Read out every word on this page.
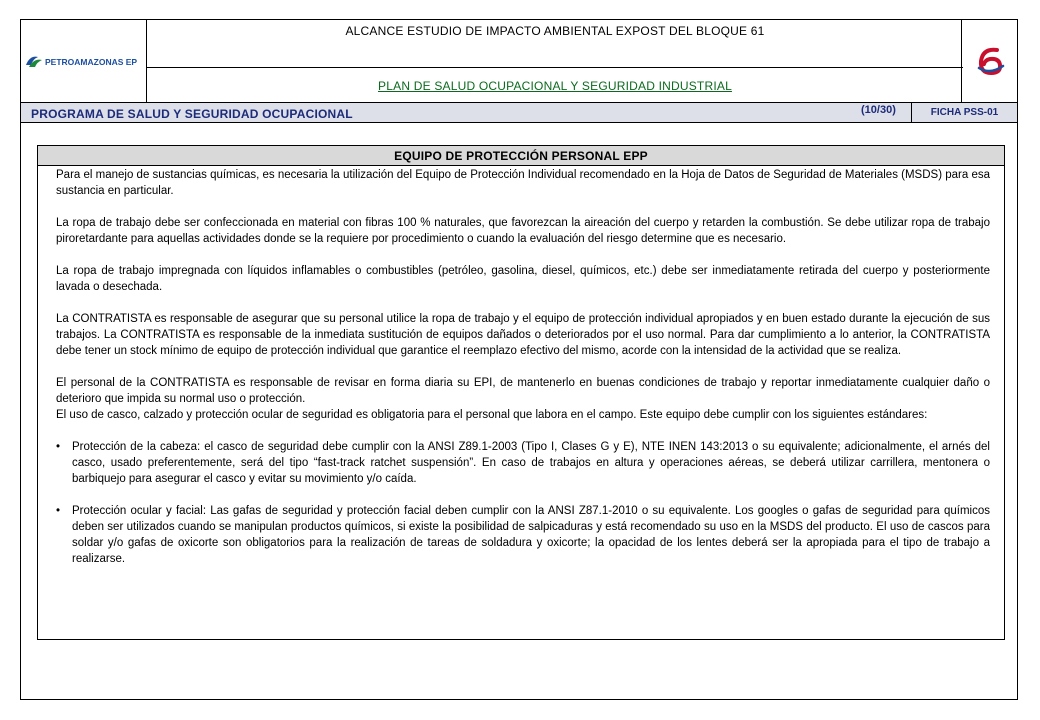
PETROAMAZONAS EP
ALCANCE ESTUDIO DE IMPACTO AMBIENTAL EXPOST DEL BLOQUE 61
PLAN DE SALUD OCUPACIONAL Y SEGURIDAD INDUSTRIAL
6
PROGRAMA DE SALUD Y SEGURIDAD OCUPACIONAL	(10/30)	FICHA PSS-01
EQUIPO DE PROTECCIÓN PERSONAL EPP

Para el manejo de sustancias químicas, es necesaria la utilización del Equipo de Protección Individual recomendado en la Hoja de Datos de Seguridad de Materiales (MSDS) para esa sustancia en particular.

La ropa de trabajo debe ser confeccionada en material con fibras 100 % naturales, que favorezcan la aireación del cuerpo y retarden la combustión. Se debe utilizar ropa de trabajo piroretardante para aquellas actividades donde se la requiere por procedimiento o cuando la evaluación del riesgo determine que es necesario.

La ropa de trabajo impregnada con líquidos inflamables o combustibles (petróleo, gasolina, diesel, químicos, etc.) debe ser inmediatamente retirada del cuerpo y posteriormente lavada o desechada.

La CONTRATISTA es responsable de asegurar que su personal utilice la ropa de trabajo y el equipo de protección individual apropiados y en buen estado durante la ejecución de sus trabajos. La CONTRATISTA es responsable de la inmediata sustitución de equipos dañados o deteriorados por el uso normal. Para dar cumplimiento a lo anterior, la CONTRATISTA debe tener un stock mínimo de equipo de protección individual que garantice el reemplazo efectivo del mismo, acorde con la intensidad de la actividad que se realiza.

El personal de la CONTRATISTA es responsable de revisar en forma diaria su EPI, de mantenerlo en buenas condiciones de trabajo y reportar inmediatamente cualquier daño o deterioro que impida su normal uso o protección.

El uso de casco, calzado y protección ocular de seguridad es obligatoria para el personal que labora en el campo. Este equipo debe cumplir con los siguientes estándares:

•	Protección de la cabeza: el casco de seguridad debe cumplir con la ANSI Z89.1-2003 (Tipo I, Clases G y E), NTE INEN 143:2013 o su equivalente; adicionalmente, el arnés del casco, usado preferentemente, será del tipo “fast-track ratchet suspensión”. En caso de trabajos en altura y operaciones aéreas, se deberá utilizar carrillera, mentonera o barbiquejo para asegurar el casco y evitar su movimiento y/o caída.
•	Protección ocular y facial: Las gafas de seguridad y protección facial deben cumplir con la ANSI Z87.1-2010 o su equivalente. Los googles o gafas de seguridad para químicos deben ser utilizados cuando se manipulan productos químicos, si existe la posibilidad de salpicaduras y está recomendado su uso en la MSDS del producto. El uso de cascos para soldar y/o gafas de oxicorte son obligatorios para la realización de tareas de soldadura y oxicorte; la opacidad de los lentes deberá ser la apropiada para el tipo de trabajo a realizarse.
